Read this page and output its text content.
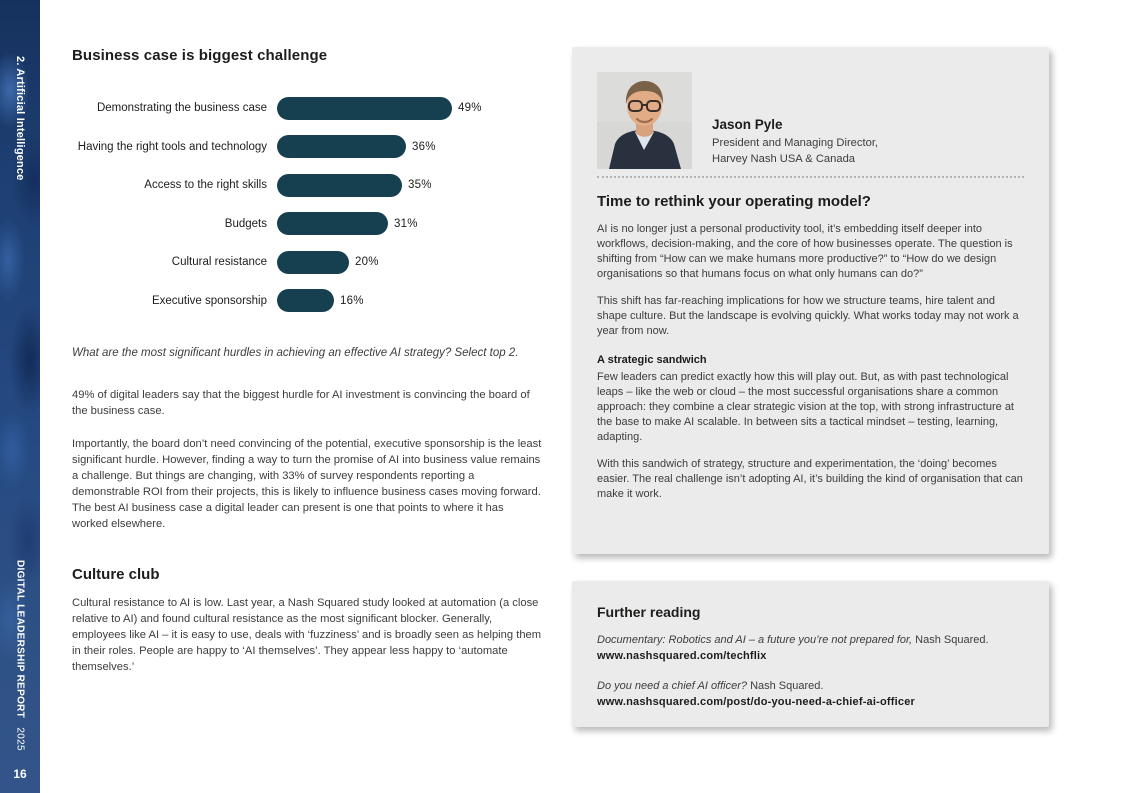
2. Artificial Intelligence
DIGITAL LEADERSHIP REPORT   2025
16
Business case is biggest challenge
Demonstrating the business case	49%
Having the right tools and technology	36%
Access to the right skills	35%
Budgets	31%
Cultural resistance	20%
Executive sponsorship	16%

What are the most significant hurdles in achieving an effective AI strategy? Select top 2.

49% of digital leaders say that the biggest hurdle for AI investment is convincing the board of the business case.

Importantly, the board don’t need convincing of the potential, executive sponsorship is the least significant hurdle. However, finding a way to turn the promise of AI into business value remains a challenge. But things are changing, with 33% of survey respondents reporting a demonstrable ROI from their projects, this is likely to influence business cases moving forward. The best AI business case a digital leader can present is one that points to where it has worked elsewhere.

Culture club

Cultural resistance to AI is low. Last year, a Nash Squared study looked at automation (a close relative to AI) and found cultural resistance as the most significant blocker. Generally, employees like AI – it is easy to use, deals with ‘fuzziness’ and is broadly seen as helping them in their roles. People are happy to ‘AI themselves’. They appear less happy to ‘automate themselves.’

Jason Pyle
President and Managing Director,
Harvey Nash USA & Canada
Time to rethink your operating model?

AI is no longer just a personal productivity tool, it’s embedding itself deeper into workflows, decision-making, and the core of how businesses operate. The question is shifting from “How can we make humans more productive?” to “How do we design organisations so that humans focus on what only humans can do?”

This shift has far-reaching implications for how we structure teams, hire talent and shape culture. But the landscape is evolving quickly. What works today may not work a year from now.

A strategic sandwich

Few leaders can predict exactly how this will play out. But, as with past technological leaps – like the web or cloud – the most successful organisations share a common approach: they combine a clear strategic vision at the top, with strong infrastructure at the base to make AI scalable. In between sits a tactical mindset – testing, learning, adapting.

With this sandwich of strategy, structure and experimentation, the ‘doing’ becomes easier. The real challenge isn’t adopting AI, it’s building the kind of organisation that can make it work.

Further reading

Documentary: Robotics and AI – a future you’re not prepared for, Nash Squared.

www.nashsquared.com/techflix

Do you need a chief AI officer? Nash Squared.

www.nashsquared.com/post/do-you-need-a-chief-ai-officer
